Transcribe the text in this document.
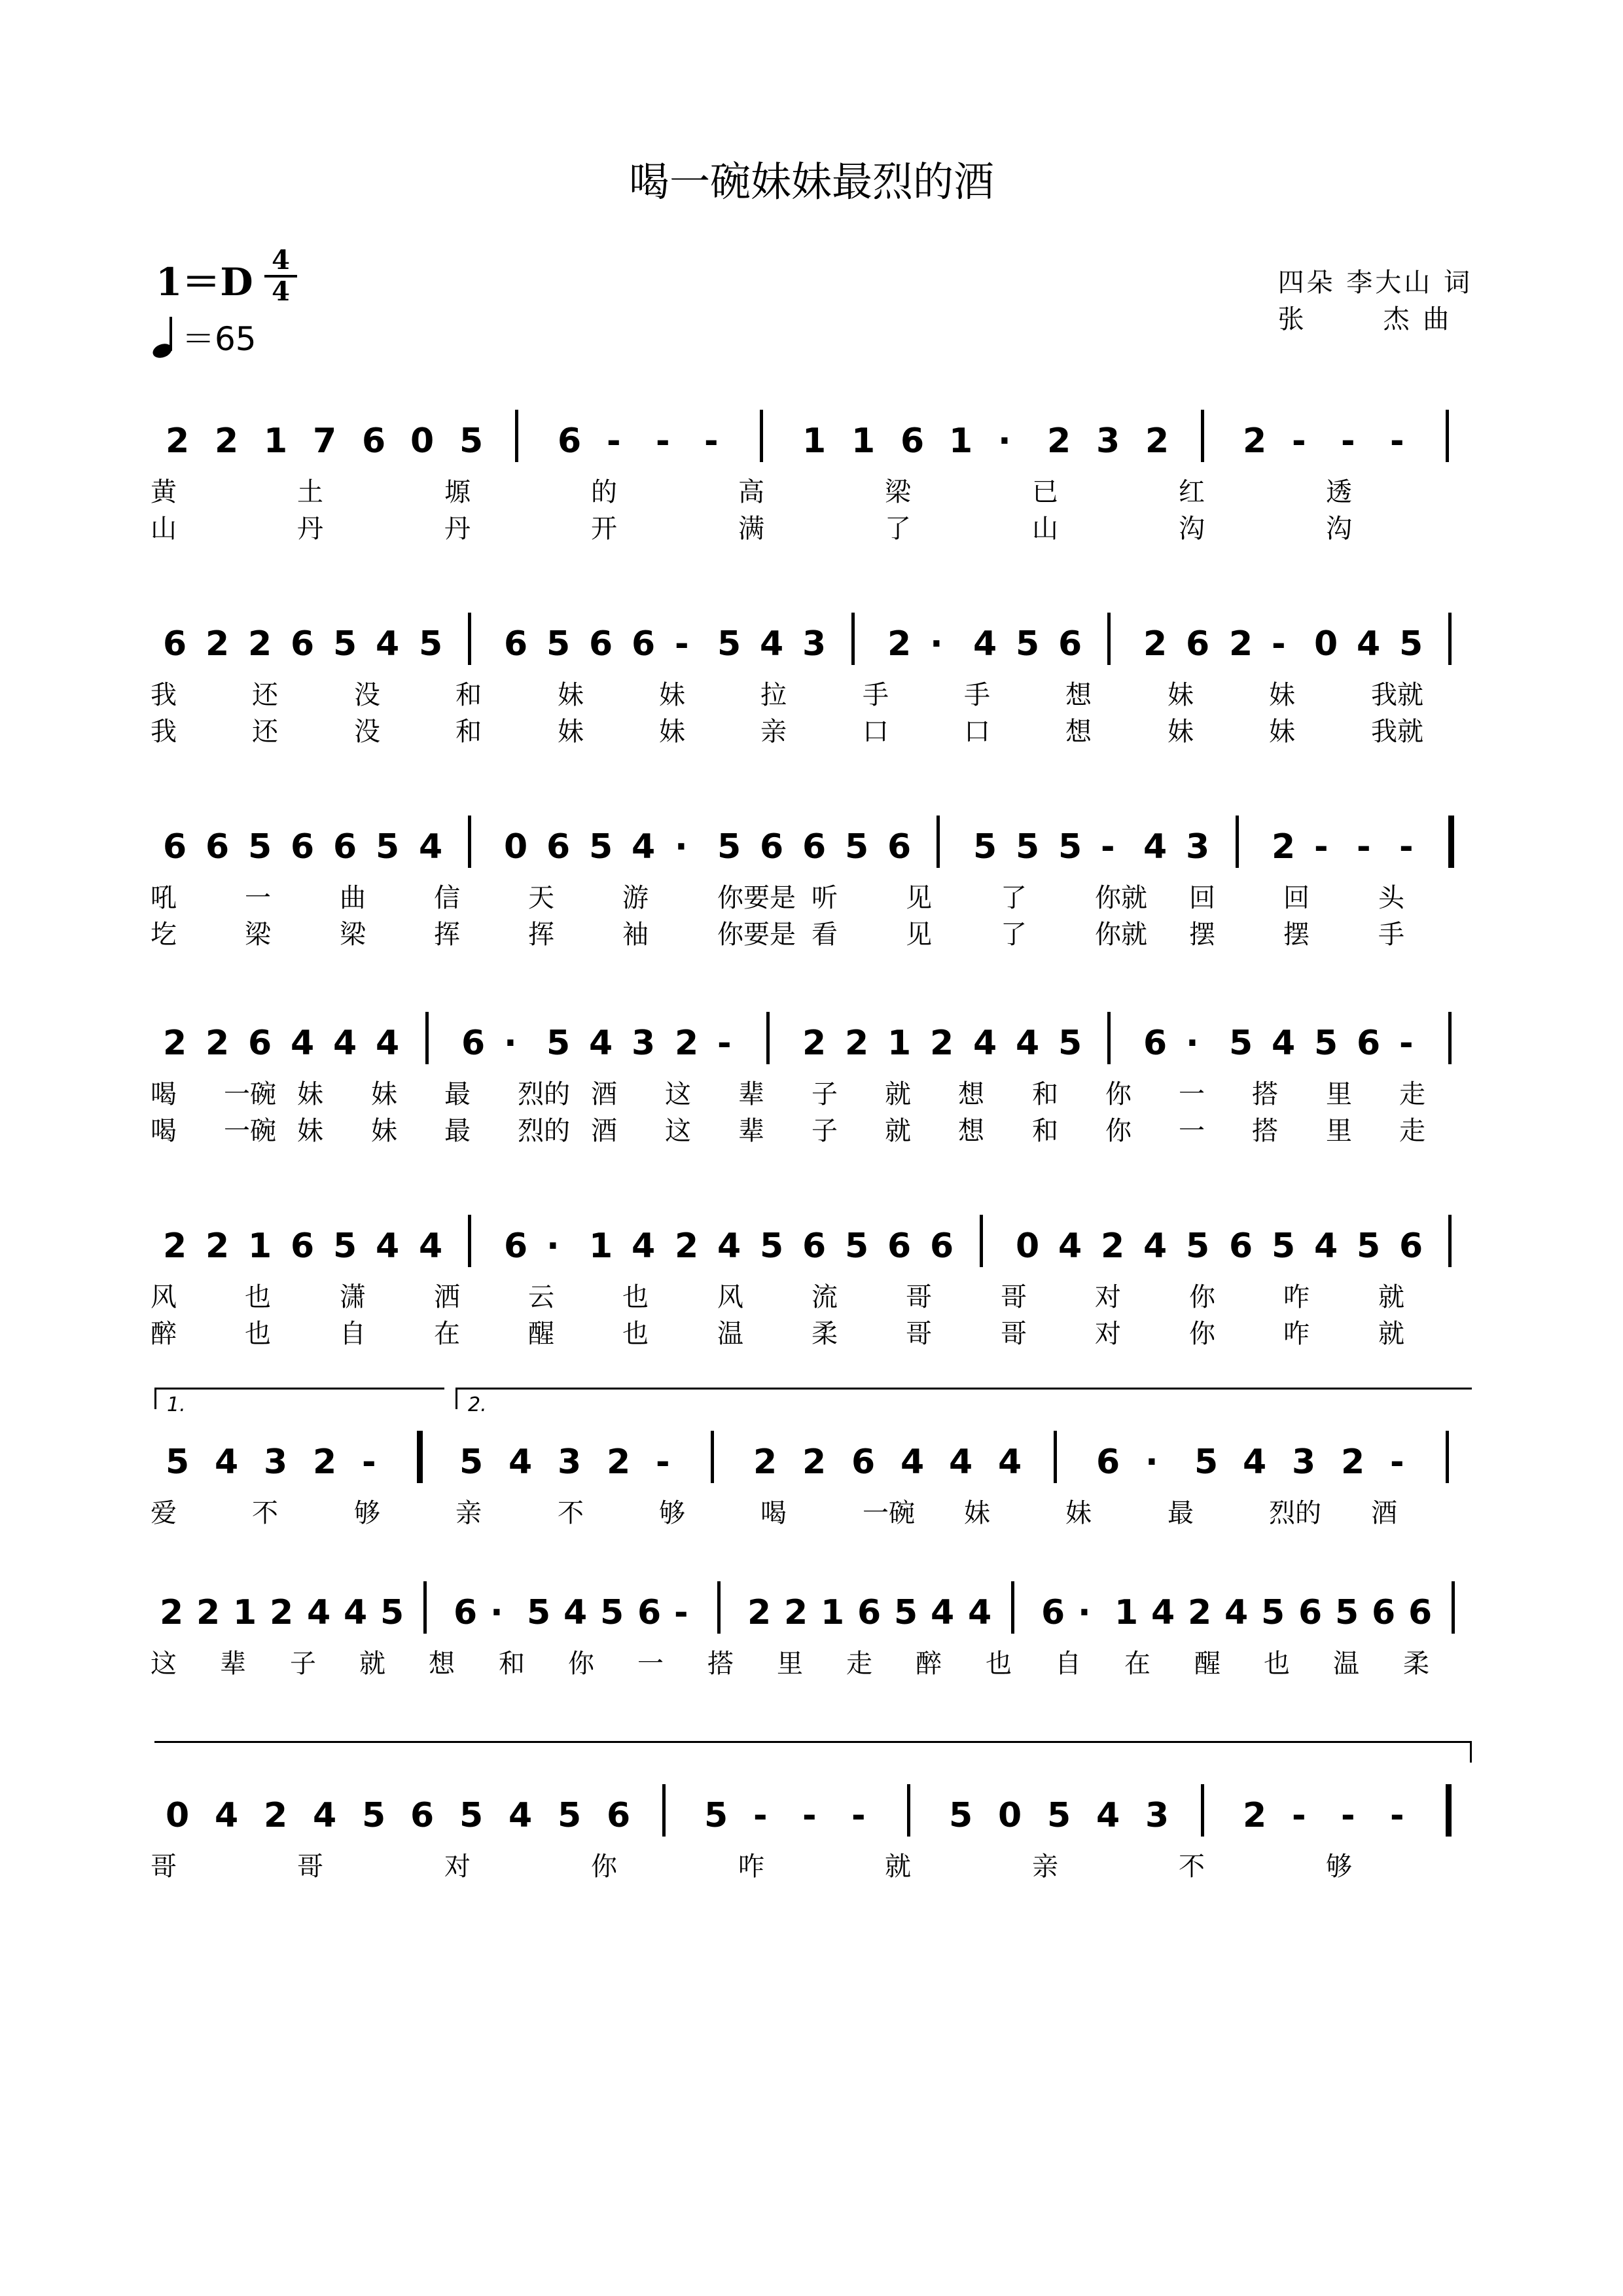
喝一碗妹妹最烈的酒
1＝D 4
4
＝65
四朵 李大山 词
张       杰 曲
2 2 1 7 6 0 5 6 - - - 1 1 6 1 · 2 3 2 2 - - -
黄	土	塬	的	高	梁	已	红	透
山	丹	丹	开	满	了	山	沟	沟
6 2 2 6 5 4 5 6 5 6 6 - 5 4 3 2 · 4 5 6 2 6 2 - 0 4 5
我	还	没	和	妹	妹	拉	手	手	想	妹	妹	我就
我	还	没	和	妹	妹	亲	口	口	想	妹	妹	我就
6 6 5 6 6 5 4 0 6 5 4 · 5 6 6 5 6 5 5 5 - 4 3 2 - - -
吼	一	曲	信	天	游	你要是 听	见	了	你就 回	回	头
圪	梁	梁	挥	挥	袖	你要是 看	见	了	你就 摆	摆	手
2 2 6 4 4 4 6 · 5 4 3 2 - 2 2 1 2 4 4 5 6 · 5 4 5 6 -
喝 一碗 妹 妹 最 烈的 酒 这 辈 子 就 想 和 你 一 搭 里 走
喝 一碗 妹 妹 最 烈的 酒 这 辈 子 就 想 和 你 一 搭 里 走
2 2 1 6 5 4 4 6 · 1 4 2 4 5 6 5 6 6 0 4 2 4 5 6 5 4 5 6
风	也	潇	洒	云	也	风	流	哥	哥	对	你	咋	就
醉	也	自	在	醒	也	温	柔	哥	哥	对	你	咋	就
5 4 3 2 - 5 4 3 2 - 2 2 6 4 4 4 6 · 5 4 3 2 -
爱	不	够	亲	不	够	喝	一碗 妹	妹	最	烈的 酒
2 2 1 2 4 4 5 6 · 5 4 5 6 - 2 2 1 6 5 4 4 6 · 1 4 2 4 5 6 5 6 6
这 辈 子 就 想 和 你 一 搭 里 走 醉 也 自 在 醒 也 温 柔
0 4 2 4 5 6 5 4 5 6 5 - - - 5 0 5 4 3 2 - - -
哥	哥	对	你	咋	就	亲	不	够
1.	2.
